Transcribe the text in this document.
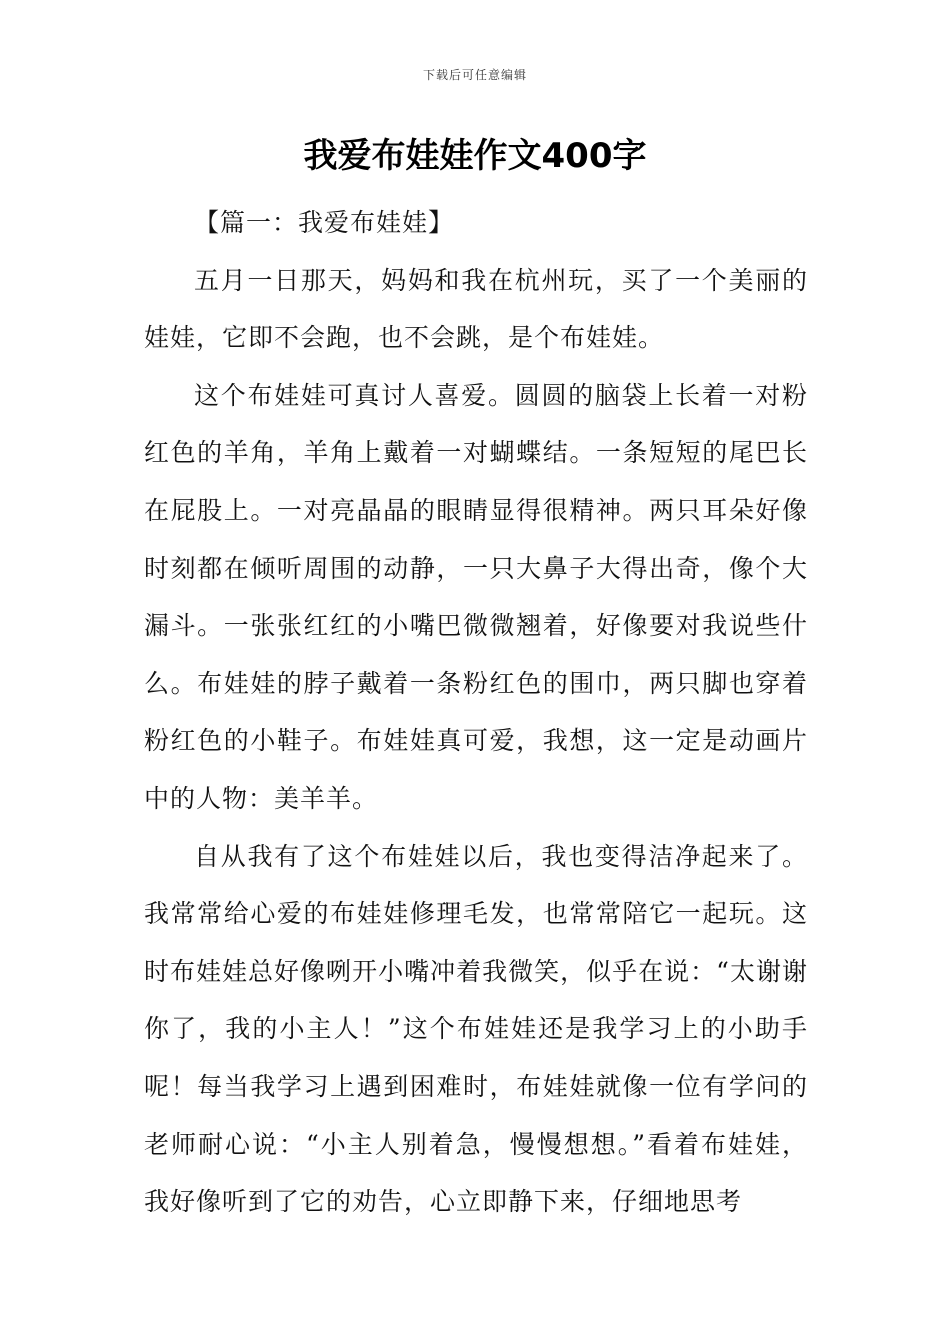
下载后可任意编辑
我爱布娃娃作文400字

【篇一：我爱布娃娃】

五月一日那天，妈妈和我在杭州玩，买了一个美丽的娃娃，它即不会跑，也不会跳，是个布娃娃。

这个布娃娃可真讨人喜爱。圆圆的脑袋上长着一对粉红色的羊角，羊角上戴着一对蝴蝶结。一条短短的尾巴长在屁股上。一对亮晶晶的眼睛显得很精神。两只耳朵好像时刻都在倾听周围的动静，一只大鼻子大得出奇，像个大漏斗。一张张红红的小嘴巴微微翘着，好像要对我说些什么。布娃娃的脖子戴着一条粉红色的围巾，两只脚也穿着粉红色的小鞋子。布娃娃真可爱，我想，这一定是动画片中的人物：美羊羊。

自从我有了这个布娃娃以后，我也变得洁净起来了。我常常给心爱的布娃娃修理毛发，也常常陪它一起玩。这时布娃娃总好像咧开小嘴冲着我微笑，似乎在说：“太谢谢你了，我的小主人！”这个布娃娃还是我学习上的小助手呢！每当我学习上遇到困难时，布娃娃就像一位有学问的老师耐心说：“小主人别着急，慢慢想想。”看着布娃娃，我好像听到了它的劝告，心立即静下来，仔细地思考
